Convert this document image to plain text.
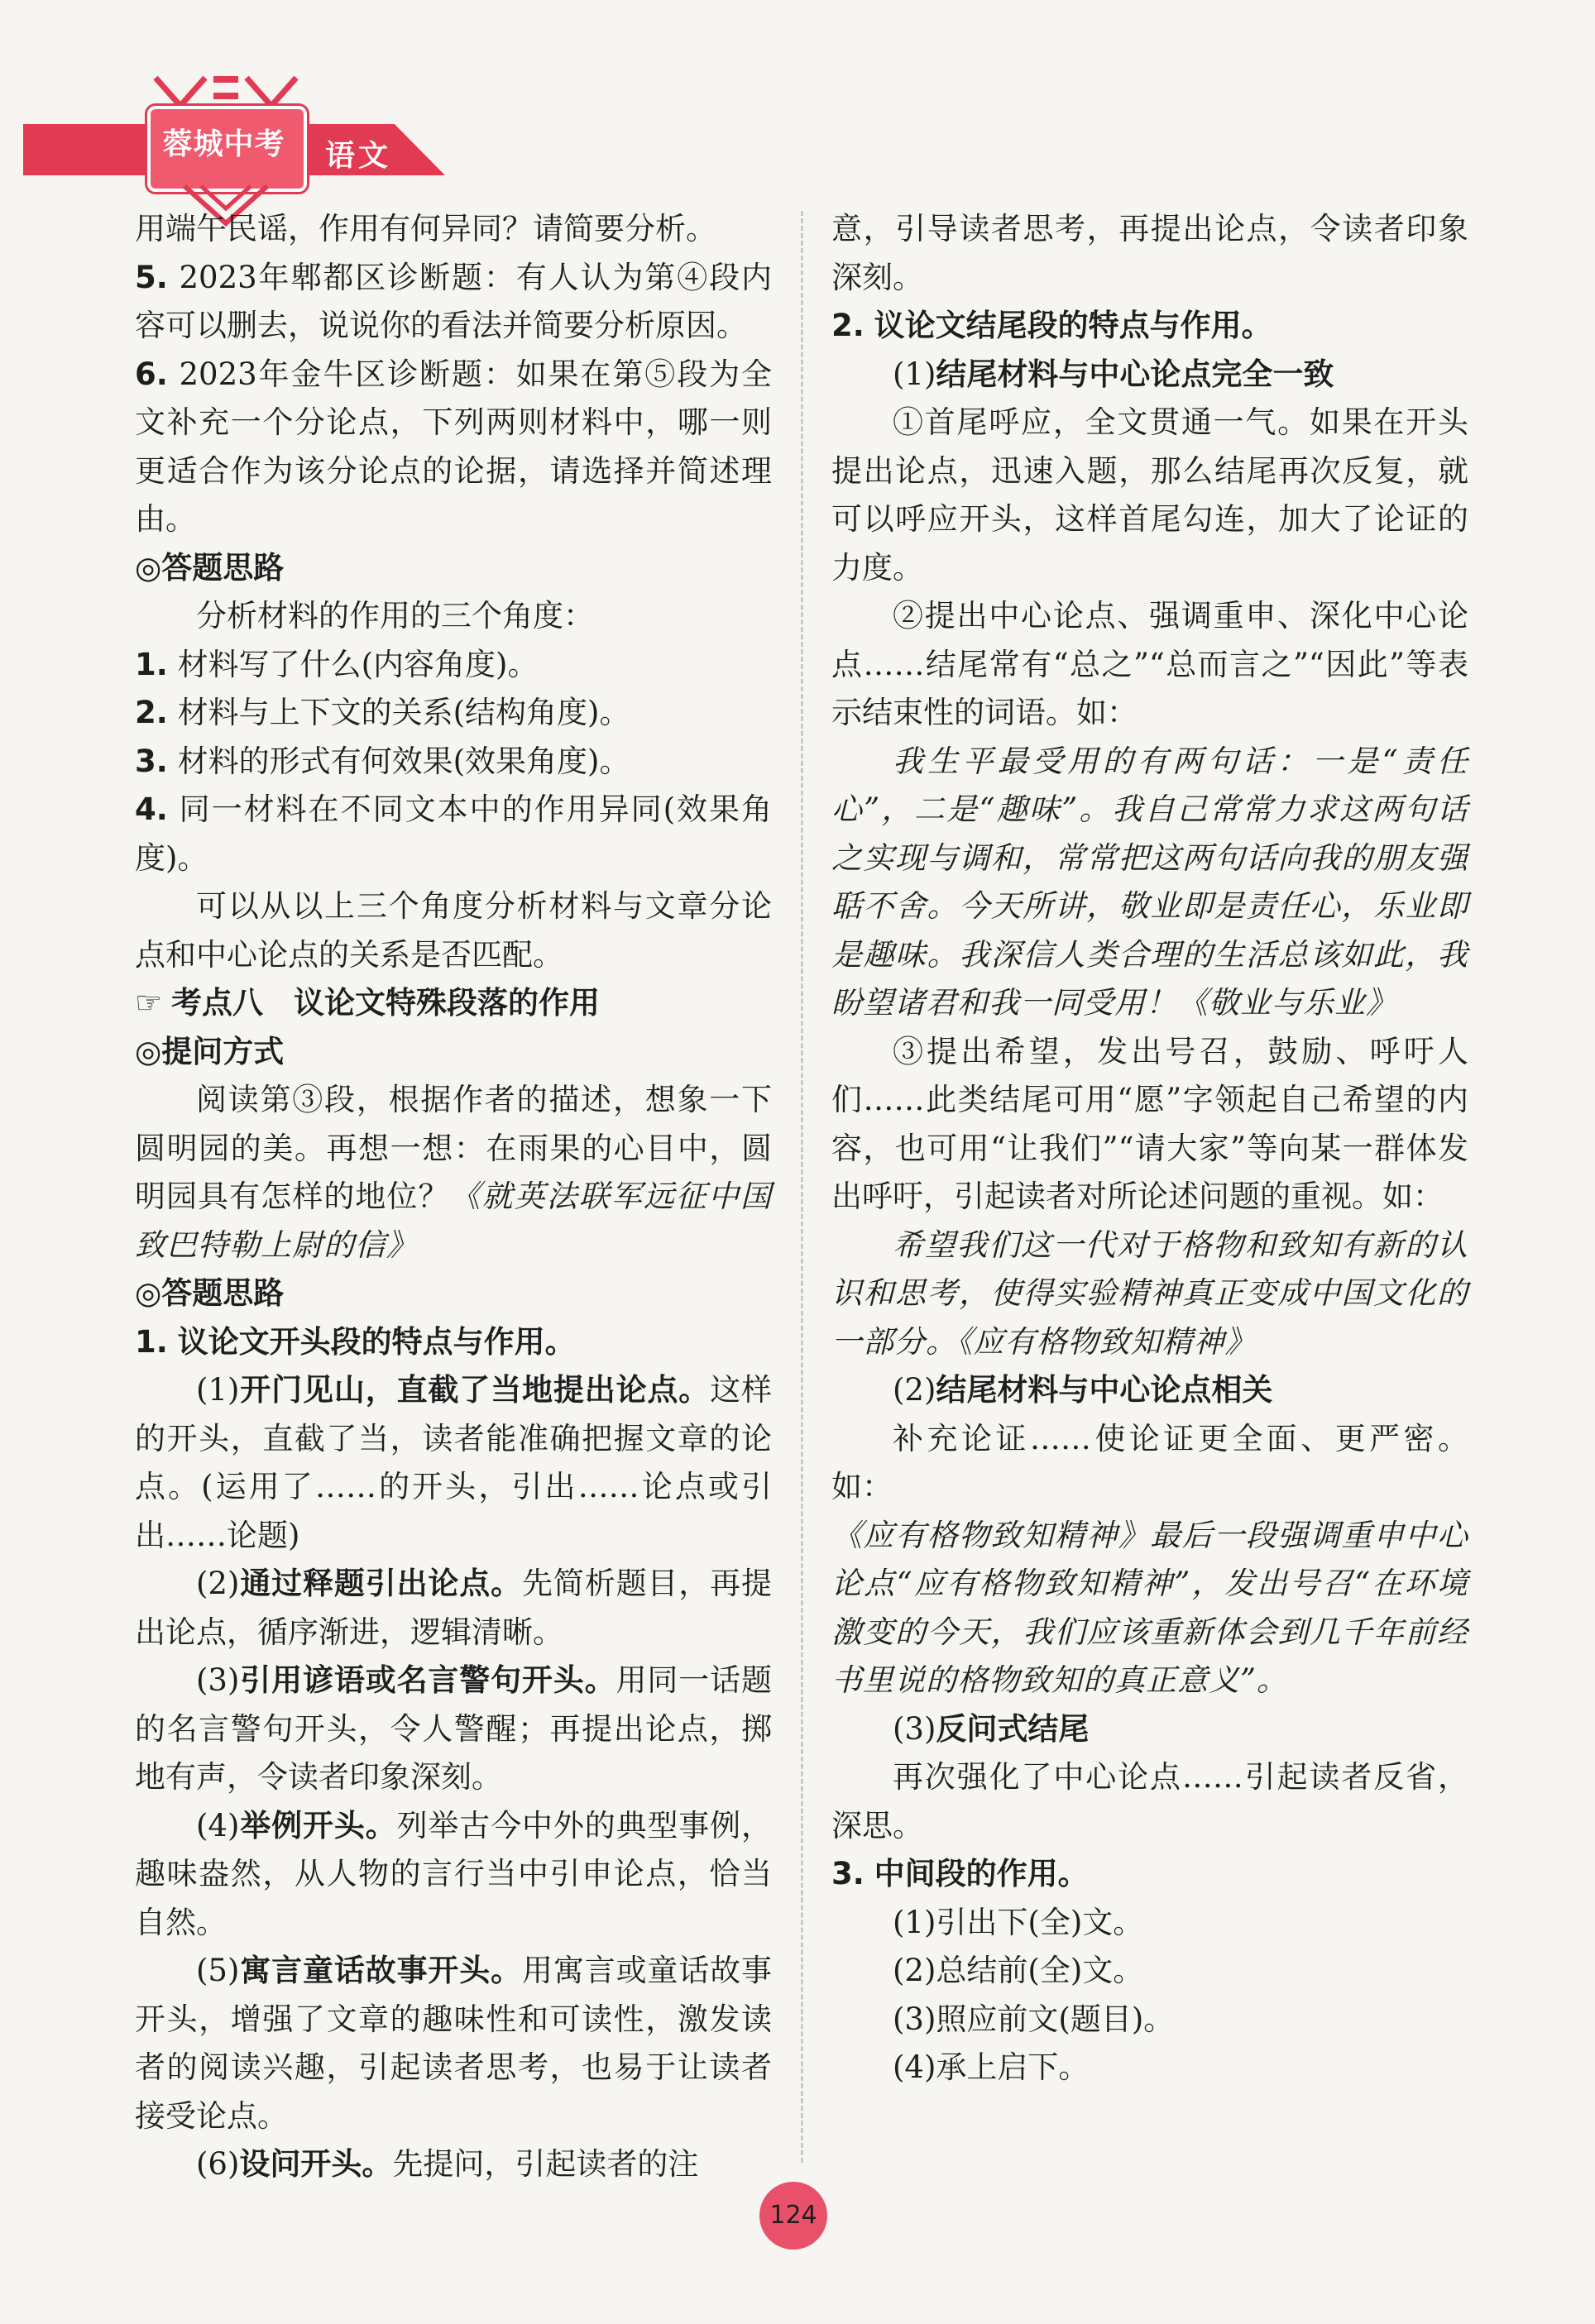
蓉城中考	语文

用端午民谣，作用有何异同？请简要分析。

5. 2023年郫都区诊断题：有人认为第④段内容可以删去，说说你的看法并简要分析原因。

6. 2023年金牛区诊断题：如果在第⑤段为全文补充一个分论点，下列两则材料中，哪一则更适合作为该分论点的论据，请选择并简述理由。

◎答题思路

分析材料的作用的三个角度：

1. 材料写了什么(内容角度)。

2. 材料与上下文的关系(结构角度)。

3. 材料的形式有何效果(效果角度)。

4. 同一材料在不同文本中的作用异同(效果角度)。

可以从以上三个角度分析材料与文章分论点和中心论点的关系是否匹配。

☞ 考点八　议论文特殊段落的作用

◎提问方式

阅读第③段，根据作者的描述，想象一下圆明园的美。再想一想：在雨果的心目中，圆明园具有怎样的地位？《就英法联军远征中国致巴特勒上尉的信》

◎答题思路

1. 议论文开头段的特点与作用。

(1)开门见山，直截了当地提出论点。这样的开头，直截了当，读者能准确把握文章的论点。(运用了……的开头，引出……论点或引出……论题)

(2)通过释题引出论点。先简析题目，再提出论点，循序渐进，逻辑清晰。

(3)引用谚语或名言警句开头。用同一话题的名言警句开头，令人警醒；再提出论点，掷地有声，令读者印象深刻。

(4)举例开头。列举古今中外的典型事例，趣味盎然，从人物的言行当中引申论点，恰当自然。

(5)寓言童话故事开头。用寓言或童话故事开头，增强了文章的趣味性和可读性，激发读者的阅读兴趣，引起读者思考，也易于让读者接受论点。

(6)设问开头。先提问，引起读者的注

意，引导读者思考，再提出论点，令读者印象深刻。

2. 议论文结尾段的特点与作用。

(1)结尾材料与中心论点完全一致

①首尾呼应，全文贯通一气。如果在开头提出论点，迅速入题，那么结尾再次反复，就可以呼应开头，这样首尾勾连，加大了论证的力度。

②提出中心论点、强调重申、深化中心论点……结尾常有“总之”“总而言之”“因此”等表示结束性的词语。如：

我生平最受用的有两句话：一是“责任心”，二是“趣味”。我自己常常力求这两句话之实现与调和，常常把这两句话向我的朋友强聒不舍。今天所讲，敬业即是责任心，乐业即是趣味。我深信人类合理的生活总该如此，我盼望诸君和我一同受用！《敬业与乐业》

③提出希望，发出号召，鼓励、呼吁人们……此类结尾可用“愿”字领起自己希望的内容，也可用“让我们”“请大家”等向某一群体发出呼吁，引起读者对所论述问题的重视。如：

希望我们这一代对于格物和致知有新的认识和思考，使得实验精神真正变成中国文化的一部分。《应有格物致知精神》

(2)结尾材料与中心论点相关

补充论证……使论证更全面、更严密。如：

《应有格物致知精神》最后一段强调重申中心论点“应有格物致知精神”，发出号召“在环境激变的今天，我们应该重新体会到几千年前经书里说的格物致知的真正意义”。

(3)反问式结尾

再次强化了中心论点……引起读者反省，深思。

3. 中间段的作用。

(1)引出下(全)文。

(2)总结前(全)文。

(3)照应前文(题目)。

(4)承上启下。

124
